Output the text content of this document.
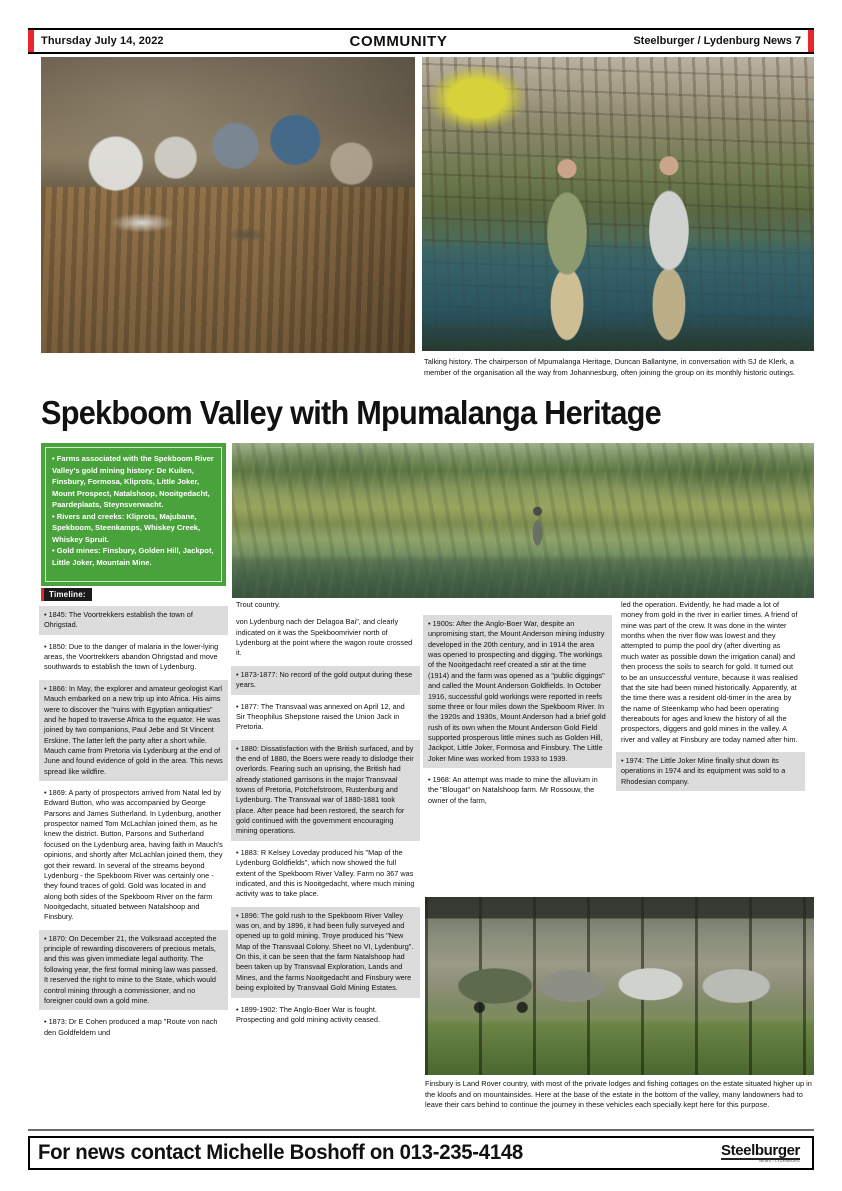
Thursday July 14, 2022	COMMUNITY	Steelburger / Lydenburg News 7
Talking history. The chairperson of Mpumalanga Heritage, Duncan Ballantyne, in conversation with SJ de Klerk, a member of the organisation all the way from Johannesburg, often joining the group on its monthly historic outings.
Spekboom Valley with Mpumalanga Heritage
• Farms associated with the Spekboom River Valley's gold mining history: De Kuilen, Finsbury, Formosa, Kliprots, Little Joker, Mount Prospect, Natalshoop, Nooitgedacht, Paardeplaats, Steynsverwacht.
• Rivers and creeks: Kliprots, Majubane, Spekboom, Steenkamps, Whiskey Creek, Whiskey Spruit.
• Gold mines: Finsbury, Golden Hill, Jackpot, Little Joker, Mountain Mine.
Timeline:
• 1845: The Voortrekkers establish the town of Ohrigstad.
• 1850: Due to the danger of malaria in the lower-lying areas, the Voortrekkers abandon Ohrigstad and move southwards to establish the town of Lydenburg.
• 1866: In May, the explorer and amateur geologist Karl Mauch embarked on a new trip up into Africa. His aims were to discover the "ruins with Egyptian antiquities" and he hoped to traverse Africa to the equator. He was joined by two companions, Paul Jebe and St Vincent Erskine. The latter left the party after a short while. Mauch came from Pretoria via Lydenburg at the end of June and found evidence of gold in the area. This news spread like wildfire.
• 1869: A party of prospectors arrived from Natal led by Edward Button, who was accompanied by George Parsons and James Sutherland. In Lydenburg, another prospector named Tom McLachlan joined them, as he knew the district. Button, Parsons and Sutherland focused on the Lydenburg area, having faith in Mauch's opinions, and shortly after McLachlan joined them, they got their reward. In several of the streams beyond Lydenburg - the Spekboom River was certainly one - they found traces of gold. Gold was located in and along both sides of the Spekboom River on the farm Nooitgedacht, situated between Natalshoop and Finsbury.
• 1870: On December 21, the Volksraad accepted the principle of rewarding discoverers of precious metals, and this was given immediate legal authority. The following year, the first formal mining law was passed. It reserved the right to mine to the State, which would control mining through a commissioner, and no foreigner could own a gold mine.
• 1873: Dr E Cohen produced a map "Route von nach den Goldfeldern und
Trout country.
von Lydenburg nach der Delagoa Bai", and clearly indicated on it was the Spekboomrivier north of Lydenburg at the point where the wagon route crossed it.
• 1873-1877: No record of the gold output during these years.
• 1877: The Transvaal was annexed on April 12, and Sir Theophilus Shepstone raised the Union Jack in Pretoria.
• 1880: Dissatisfaction with the British surfaced, and by the end of 1880, the Boers were ready to dislodge their overlords. Fearing such an uprising, the British had already stationed garrisons in the major Transvaal towns of Pretoria, Potchefstroom, Rustenburg and Lydenburg. The Transvaal war of 1880-1881 took place. After peace had been restored, the search for gold continued with the government encouraging mining operations.
• 1883: R Kelsey Loveday produced his "Map of the Lydenburg Goldfields", which now showed the full extent of the Spekboom River Valley. Farm no 367 was indicated, and this is Nooitgedacht, where much mining activity was to take place.
• 1896: The gold rush to the Spekboom River Valley was on, and by 1896, it had been fully surveyed and opened up to gold mining. Troye produced his "New Map of the Transvaal Colony. Sheet no VI, Lydenburg". On this, it can be seen that the farm Natalshoop had been taken up by Transvaal Exploration, Lands and Mines, and the farms Nooitgedacht and Finsbury were being exploited by Transvaal Gold Mining Estates.
• 1899-1902: The Anglo-Boer War is fought. Prospecting and gold mining activity ceased.
• 1900s: After the Anglo-Boer War, despite an unpromising start, the Mount Anderson mining industry developed in the 20th century, and in 1914 the area was opened to prospecting and digging. The workings of the Nooitgedacht reef created a stir at the time (1914) and the farm was opened as a "public diggings" and called the Mount Anderson Goldfields. In October 1916, successful gold workings were reported in reefs some three or four miles down the Spekboom River. In the 1920s and 1930s, Mount Anderson had a brief gold rush of its own when the Mount Anderson Gold Field supported prosperous little mines such as Golden Hill, Jackpot, Little Joker, Formosa and Finsbury. The Little Joker Mine was worked from 1933 to 1939.
• 1968: An attempt was made to mine the alluvium in the "Blougat" on Natalshoop farm. Mr Rossouw, the owner of the farm,
led the operation. Evidently, he had made a lot of money from gold in the river in earlier times. A friend of mine was part of the crew. It was done in the winter months when the river flow was lowest and they attempted to pump the pool dry (after diverting as much water as possible down the irrigation canal) and then process the soils to search for gold. It turned out to be an unsuccessful venture, because it was realised that the site had been mined historically. Apparently, at the time there was a resident old-timer in the area by the name of Steenkamp who had been operating thereabouts for ages and knew the history of all the prospectors, diggers and gold mines in the valley. A river and valley at Finsbury are today named after him.
• 1974: The Little Joker Mine finally shut down its operations in 1974 and its equipment was sold to a Rhodesian company.
Finsbury is Land Rover country, with most of the private lodges and fishing cottages on the estate situated higher up in the kloofs and on mountainsides. Here at the base of the estate in the bottom of the valley, many landowners had to leave their cars behind to continue the journey in these vehicles each specially kept here for this purpose.
For news contact Michelle Boshoff on 013-235-4148	Steelburger
NEWS / LYDENBURG
